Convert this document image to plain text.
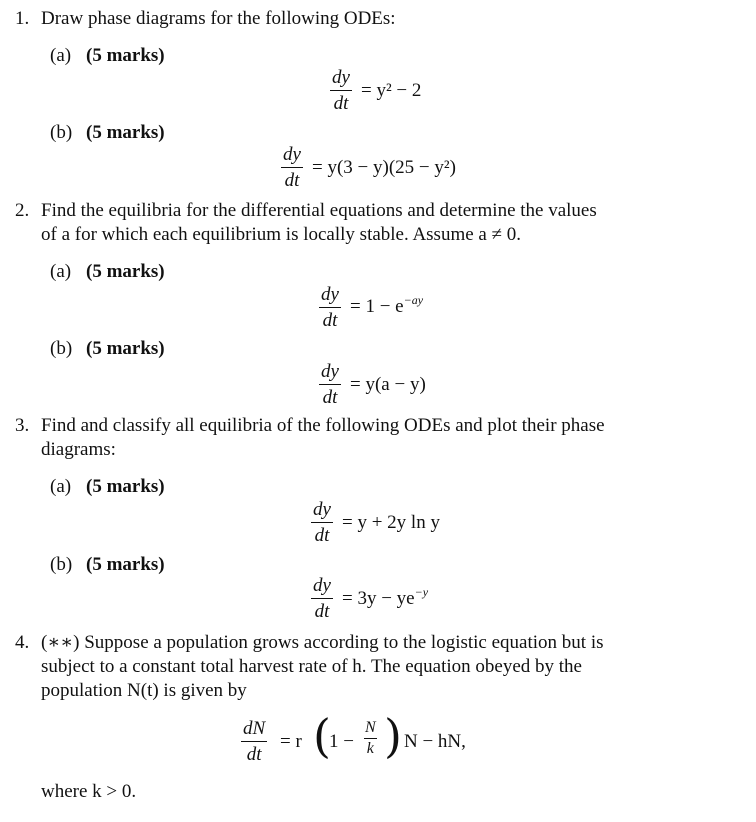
1. Draw phase diagrams for the following ODEs:
(a) (5 marks)
dy
dt
= y² − 2
(b) (5 marks)
dy
dt
= y(3 − y)(25 − y²)
2. Find the equilibria for the differential equations and determine the values
of a for which each equilibrium is locally stable. Assume a ≠ 0.
(a) (5 marks)
dy
dt
= $1 - e^{-ay}$
(b) (5 marks)
dy
dt
= y(a − y)
3. Find and classify all equilibria of the following ODEs and plot their phase
diagrams:
(a) (5 marks)
dy
dt
= y + 2y ln y
(b) (5 marks)
dy
dt
= $3y - ye^{-y}$
4. (∗∗) Suppose a population grows according to the logistic equation but is
subject to a constant total harvest rate of h. The equation obeyed by the
population N(t) is given by
dN
dt
= r (
1 −
N
k ) N − hN,
where k > 0.
